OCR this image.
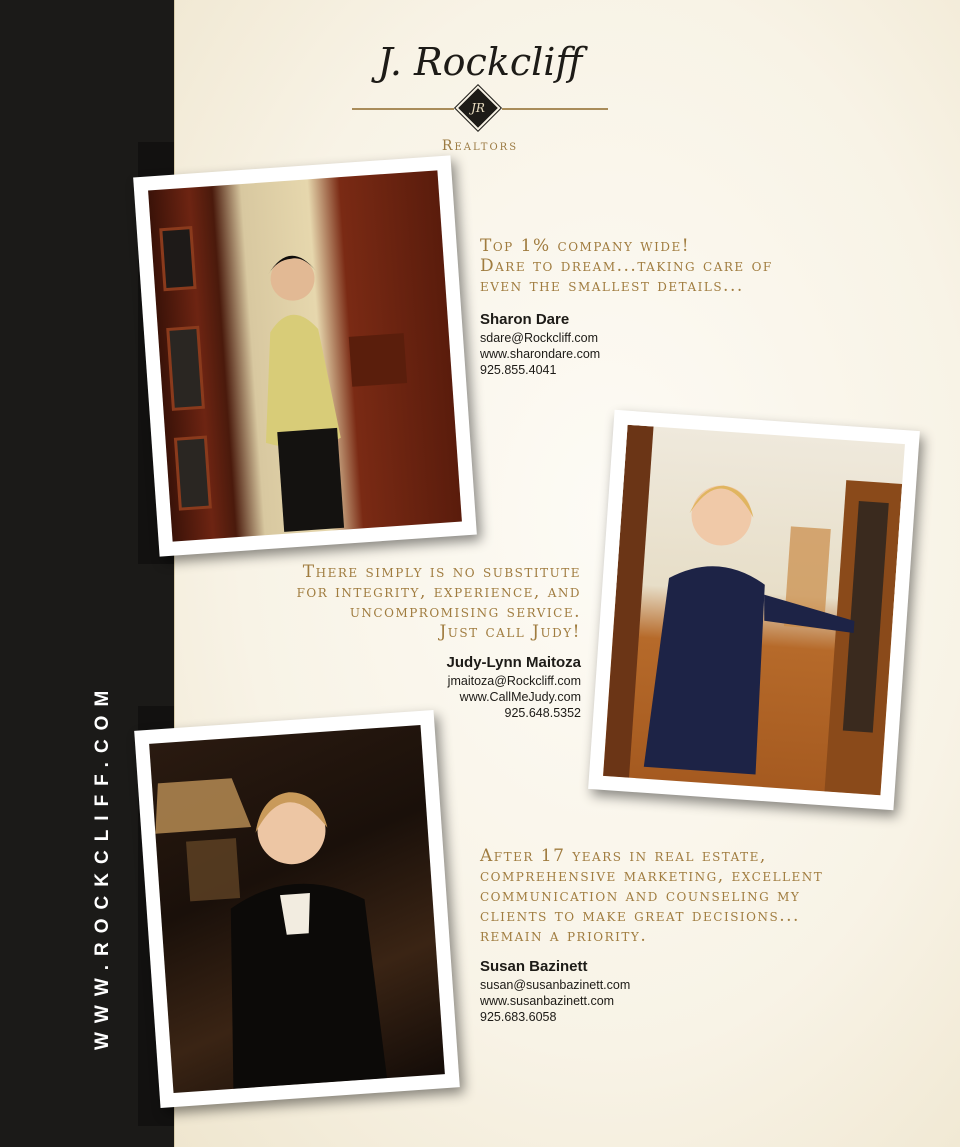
WWW.ROCKCLIFF.COM
J. Rockcliff
JR
Realtors
Top 1% company wide!
Dare to dream...taking care of
even the smallest details...
Sharon Dare
sdare@Rockcliff.com
www.sharondare.com
925.855.4041
There simply is no substitute
for integrity, experience, and
uncompromising service.
Just call Judy!
Judy-Lynn Maitoza
jmaitoza@Rockcliff.com
www.CallMeJudy.com
925.648.5352
After 17 years in real estate,
comprehensive marketing, excellent
communication and counseling my
clients to make great decisions...
remain a priority.
Susan Bazinett
susan@susanbazinett.com
www.susanbazinett.com
925.683.6058
